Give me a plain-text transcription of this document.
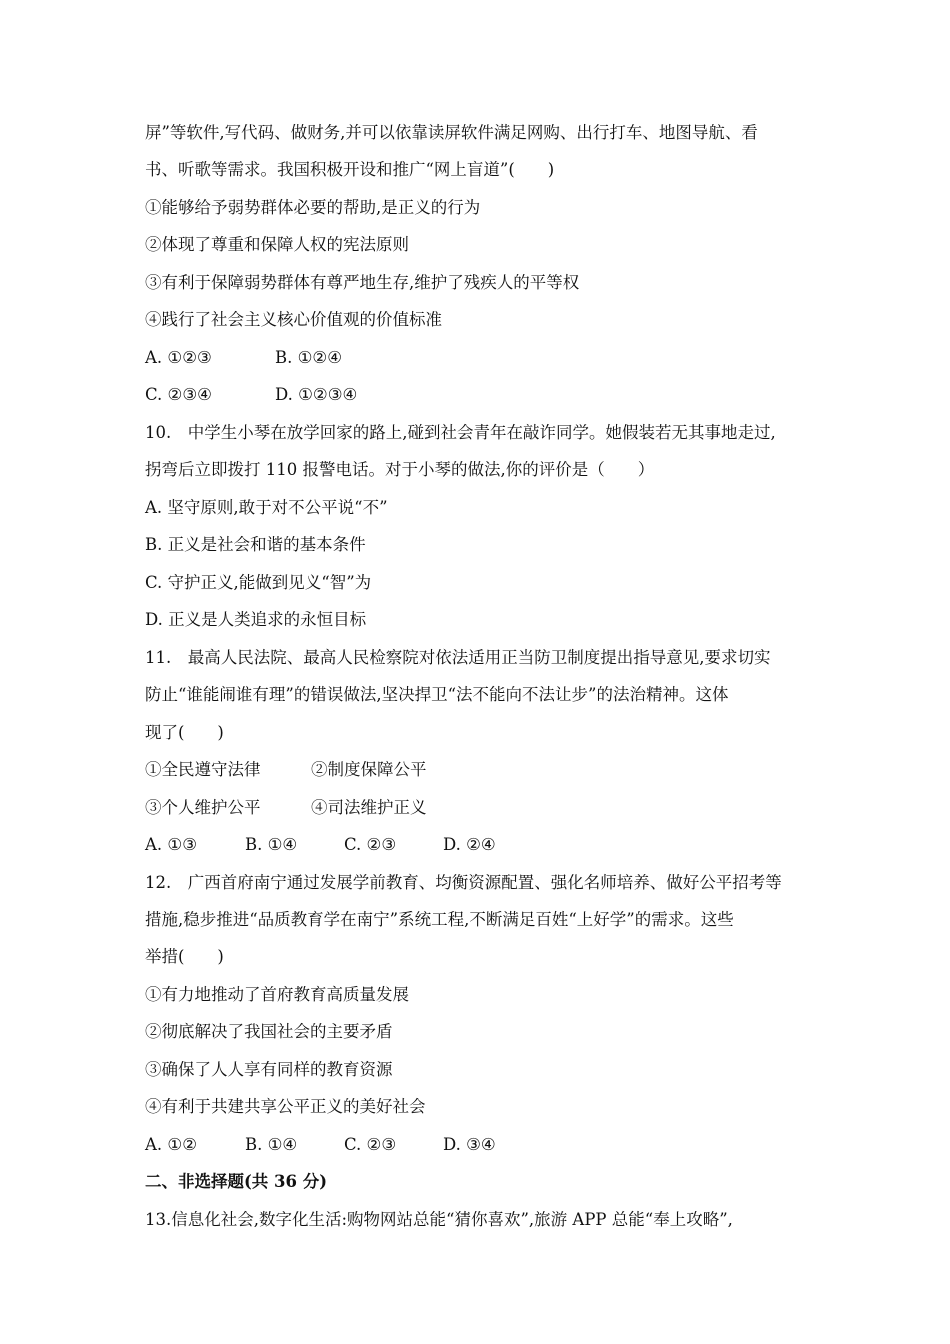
屏”等软件,写代码、做财务,并可以依靠读屏软件满足网购、出行打车、地图导航、看
书、听歌等需求。我国积极开设和推广“网上盲道”(　　)
①能够给予弱势群体必要的帮助,是正义的行为
②体现了尊重和保障人权的宪法原则
③有利于保障弱势群体有尊严地生存,维护了残疾人的平等权
④践行了社会主义核心价值观的价值标准
A. ①②③	B. ①②④
C. ②③④	D. ①②③④
10.　中学生小琴在放学回家的路上,碰到社会青年在敲诈同学。她假装若无其事地走过,
拐弯后立即拨打 110 报警电话。对于小琴的做法,你的评价是（　　）
A. 坚守原则,敢于对不公平说“不”
B. 正义是社会和谐的基本条件
C. 守护正义,能做到见义“智”为
D. 正义是人类追求的永恒目标
11.　最高人民法院、最高人民检察院对依法适用正当防卫制度提出指导意见,要求切实
防止“谁能闹谁有理”的错误做法,坚决捍卫“法不能向不法让步”的法治精神。这体
现了(　　)
①全民遵守法律	②制度保障公平
③个人维护公平	④司法维护正义
A. ①③	B. ①④	C. ②③	D. ②④
12.　广西首府南宁通过发展学前教育、均衡资源配置、强化名师培养、做好公平招考等
措施,稳步推进“品质教育学在南宁”系统工程,不断满足百姓“上好学”的需求。这些
举措(　　)
①有力地推动了首府教育高质量发展
②彻底解决了我国社会的主要矛盾
③确保了人人享有同样的教育资源
④有利于共建共享公平正义的美好社会
A. ①②	B. ①④	C. ②③	D. ③④
二、非选择题(共 36 分)
13.信息化社会,数字化生活:购物网站总能“猜你喜欢”,旅游 APP 总能“奉上攻略”,
